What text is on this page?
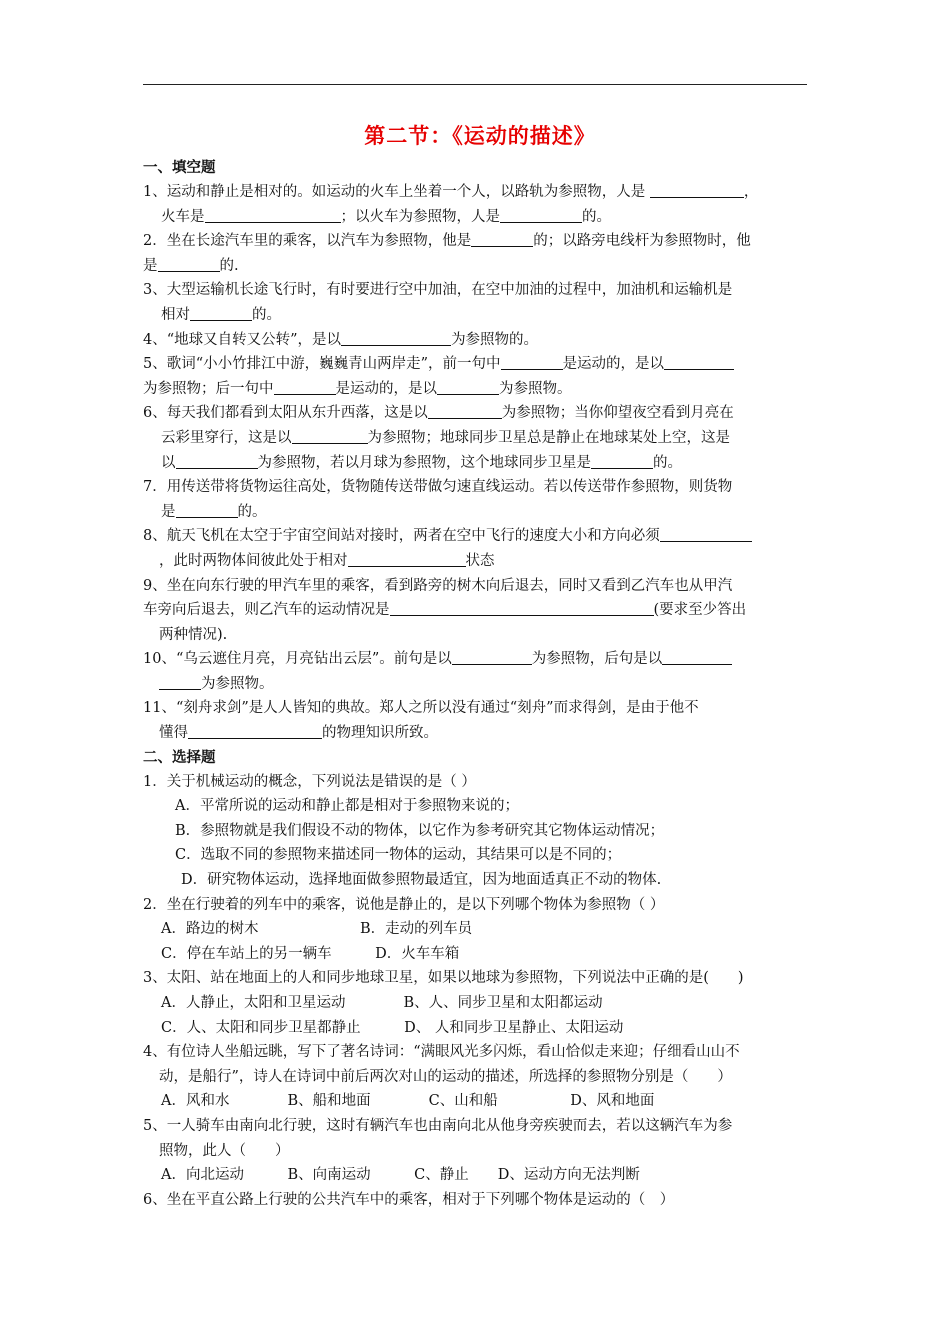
第二节：《运动的描述》
一、填空题
1、运动和静止是相对的。如运动的火车上坐着一个人，以路轨为参照物，人是	，
火车是	；以火车为参照物，人是	的。
2．坐在长途汽车里的乘客，以汽车为参照物，他是	的；以路旁电线杆为参照物时，他
是	的.
3、大型运输机长途飞行时，有时要进行空中加油，在空中加油的过程中，加油机和运输机是
相对	的。
4、“地球又自转又公转”，是以	为参照物的。
5、歌词“小小竹排江中游，巍巍青山两岸走”，前一句中	是运动的，是以
为参照物；后一句中	是运动的，是以	为参照物。
6、每天我们都看到太阳从东升西落，这是以	为参照物；当你仰望夜空看到月亮在
云彩里穿行，这是以	为参照物；地球同步卫星总是静止在地球某处上空，这是
以	为参照物，若以月球为参照物，这个地球同步卫星是	的。
7．用传送带将货物运往高处，货物随传送带做匀速直线运动。若以传送带作参照物，则货物
是	的。
8、航天飞机在太空于宇宙空间站对接时，两者在空中飞行的速度大小和方向必须
，此时两物体间彼此处于相对	状态
9、坐在向东行驶的甲汽车里的乘客，看到路旁的树木向后退去，同时又看到乙汽车也从甲汽
车旁向后退去，则乙汽车的运动情况是	(要求至少答出
两种情况).
10、“乌云遮住月亮，月亮钻出云层”。前句是以	为参照物，后句是以
为参照物。
11、“刻舟求剑”是人人皆知的典故。郑人之所以没有通过“刻舟”而求得剑，是由于他不
懂得	的物理知识所致。
二、选择题
1．关于机械运动的概念，下列说法是错误的是（ ）
A．平常所说的运动和静止都是相对于参照物来说的；
B．参照物就是我们假设不动的物体，以它作为参考研究其它物体运动情况；
C．选取不同的参照物来描述同一物体的运动，其结果可以是不同的；
D．研究物体运动，选择地面做参照物最适宜，因为地面适真正不动的物体.
2．坐在行驶着的列车中的乘客，说他是静止的，是以下列哪个物体为参照物（ ）
A．路边的树木　　　　　　　B．走动的列车员
C．停在车站上的另一辆车　　　D．火车车箱
3、太阳、站在地面上的人和同步地球卫星，如果以地球为参照物，下列说法中正确的是(　　)
A．人静止，太阳和卫星运动　　　　B、人、同步卫星和太阳都运动
C．人、太阳和同步卫星都静止　　　D、 人和同步卫星静止、太阳运动
4、有位诗人坐船远眺，写下了著名诗词：“满眼风光多闪烁，看山恰似走来迎；仔细看山山不
动，是船行”，诗人在诗词中前后两次对山的运动的描述，所选择的参照物分别是（　　）
A．风和水　　　　B、船和地面　　　　C、山和船　　　　　D、风和地面
5、一人骑车由南向北行驶，这时有辆汽车也由南向北从他身旁疾驶而去，若以这辆汽车为参
照物，此人（　　）
A．向北运动　　　B、向南运动　　　C、静止　　D、运动方向无法判断
6、坐在平直公路上行驶的公共汽车中的乘客，相对于下列哪个物体是运动的（　）
